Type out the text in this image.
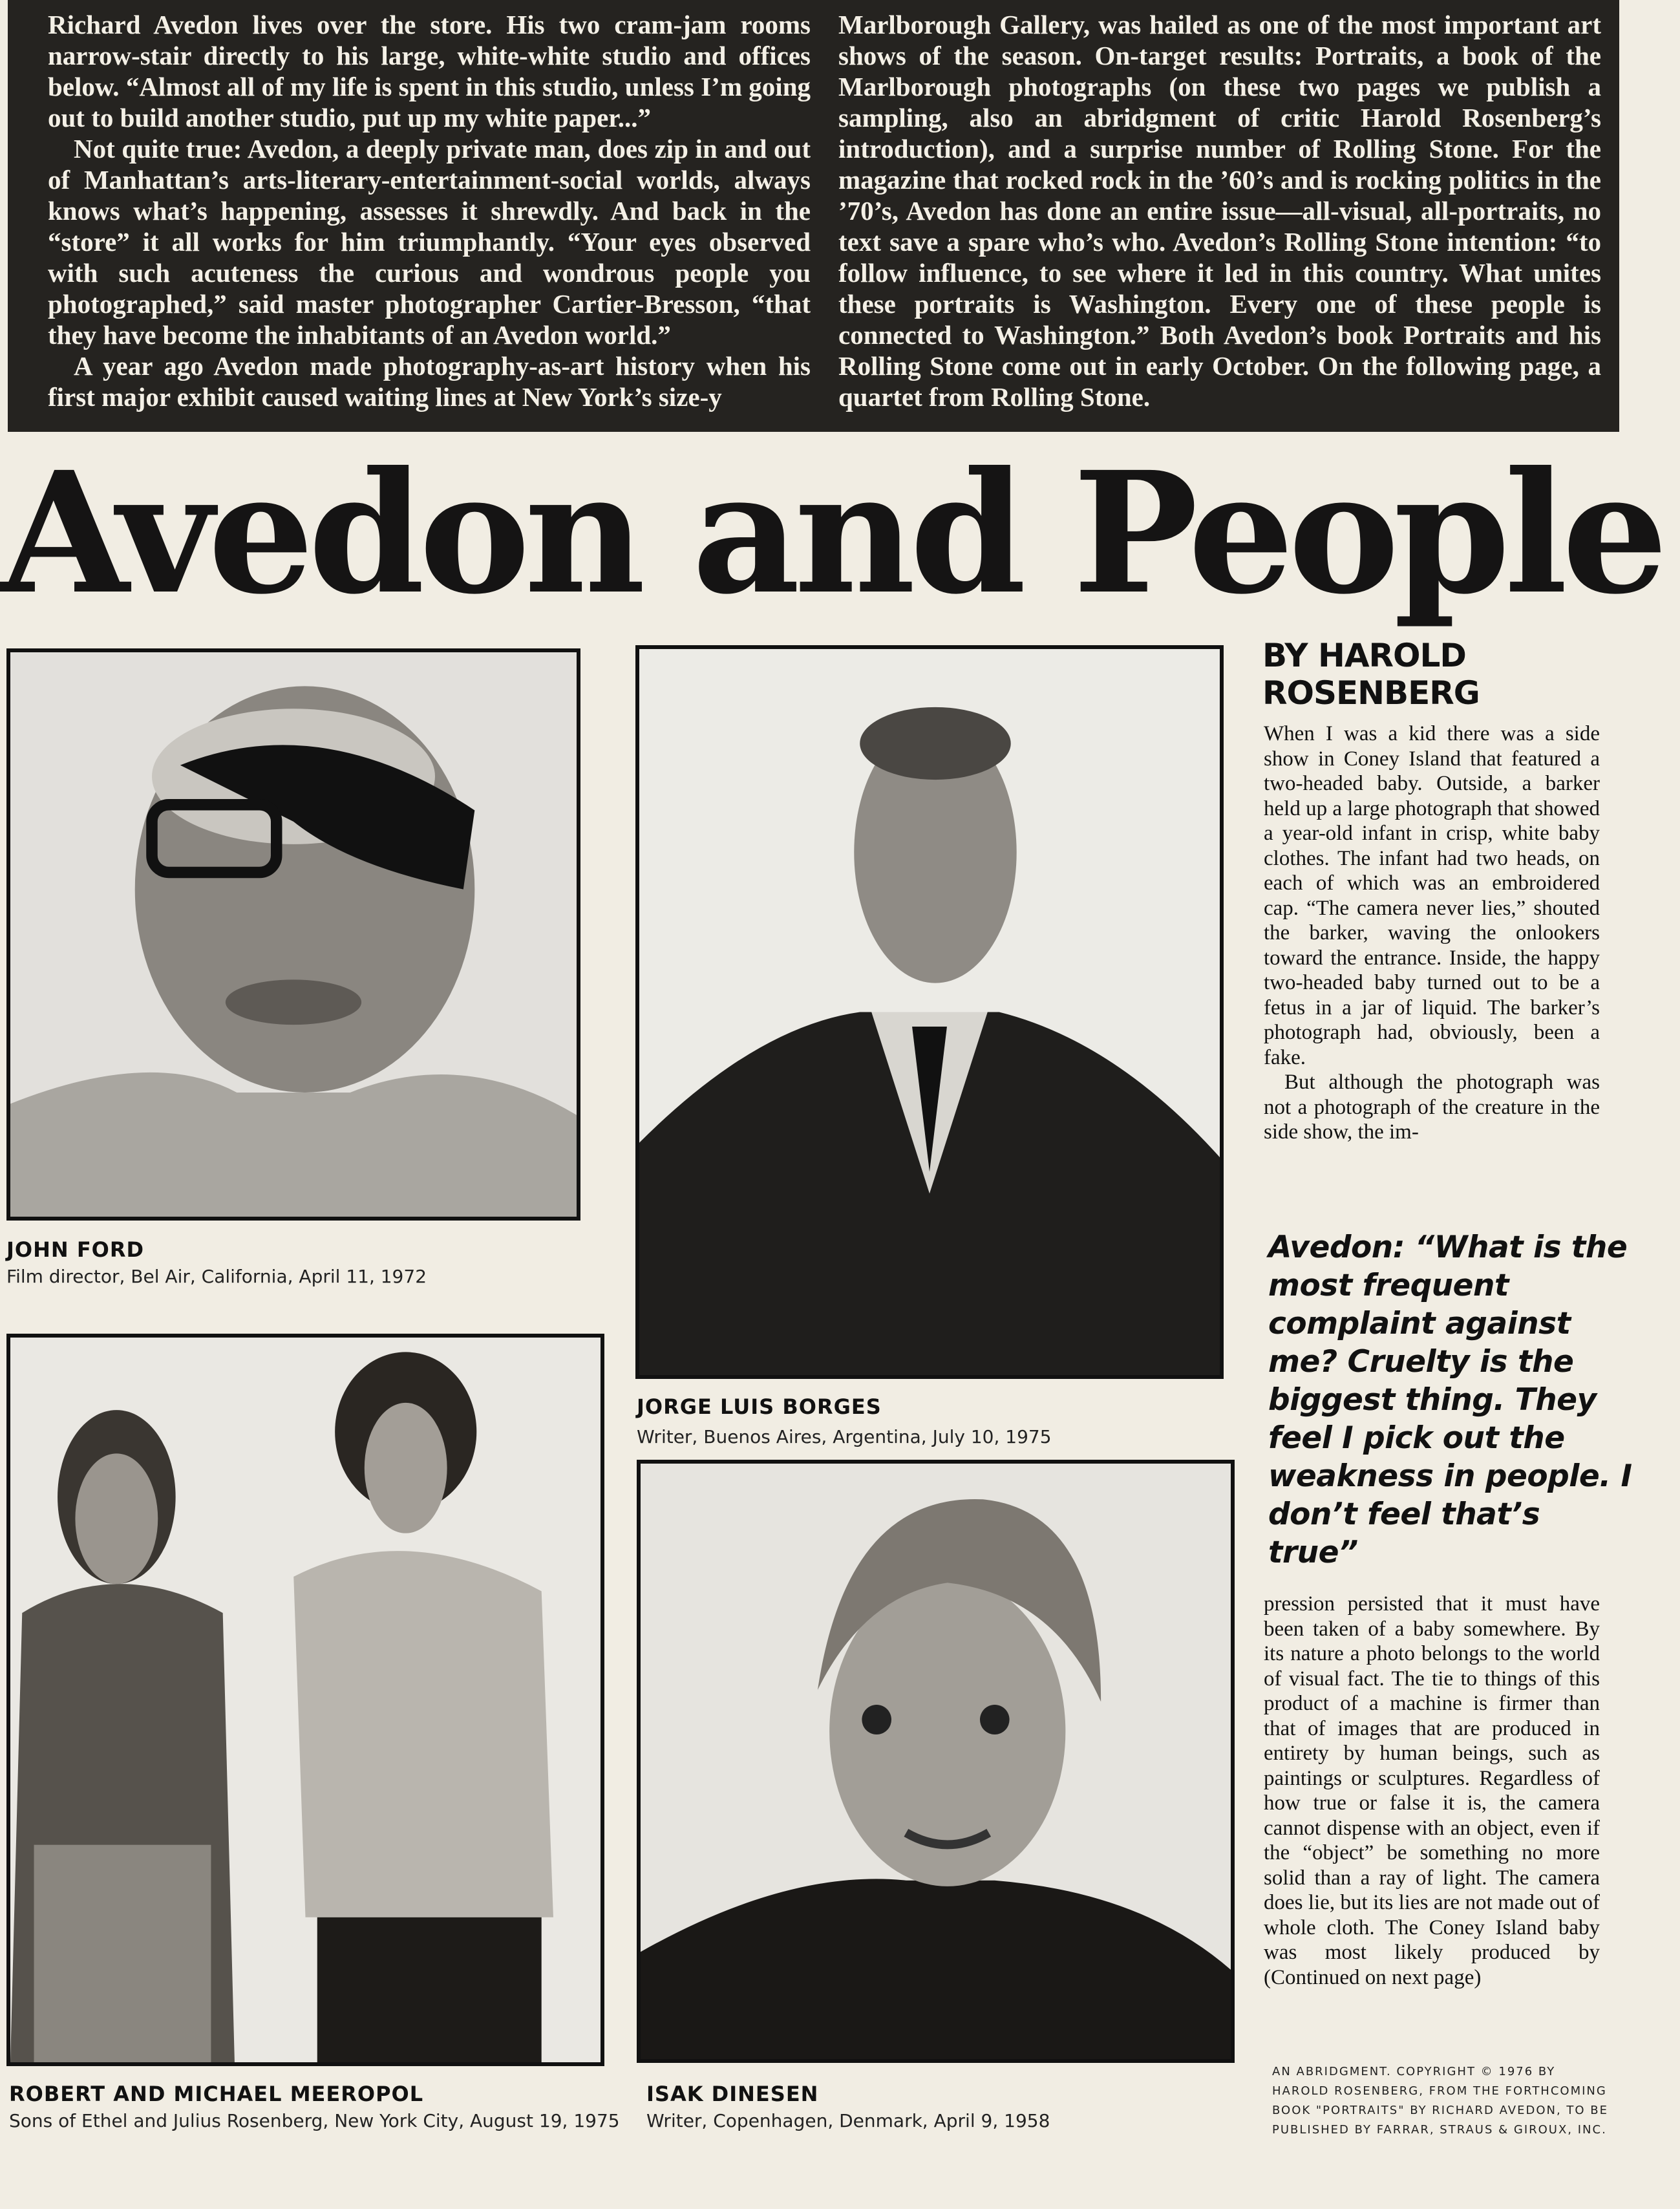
Richard Avedon lives over the store. His two cram-jam rooms narrow-stair directly to his large, white-white studio and offices below. “Almost all of my life is spent in this studio, unless I’m going out to build another studio, put up my white paper...”

Not quite true: Avedon, a deeply private man, does zip in and out of Manhattan’s arts-literary-entertainment-social worlds, always knows what’s happening, assesses it shrewdly. And back in the “store” it all works for him triumphantly. “Your eyes observed with such acuteness the curious and wondrous people you photographed,” said master photographer Cartier-Bresson, “that they have become the inhabitants of an Avedon world.”

A year ago Avedon made photography-as-art history when his first major exhibit caused waiting lines at New York’s size-y

Marlborough Gallery, was hailed as one of the most important art shows of the season. On-target results: Portraits, a book of the Marlborough photographs (on these two pages we publish a sampling, also an abridgment of critic Harold Rosenberg’s introduction), and a surprise number of Rolling Stone. For the magazine that rocked rock in the ’60’s and is rocking politics in the ’70’s, Avedon has done an entire issue—all-visual, all-portraits, no text save a spare who’s who. Avedon’s Rolling Stone intention: “to follow influence, to see where it led in this country. What unites these portraits is Washington. Every one of these people is connected to Washington.” Both Avedon’s book Portraits and his Rolling Stone come out in early October. On the following page, a quartet from Rolling Stone.

Avedon and People
JOHN FORD
Film director, Bel Air, California, April 11, 1972
JORGE LUIS BORGES
Writer, Buenos Aires, Argentina, July 10, 1975
ROBERT AND MICHAEL MEEROPOL
Sons of Ethel and Julius Rosenberg, New York City, August 19, 1975
ISAK DINESEN
Writer, Copenhagen, Denmark, April 9, 1958
BY HAROLD ROSENBERG

When I was a kid there was a side show in Coney Island that featured a two-headed baby. Outside, a barker held up a large photograph that showed a year-old infant in crisp, white baby clothes. The infant had two heads, on each of which was an embroidered cap. “The camera never lies,” shouted the barker, waving the onlookers toward the entrance. Inside, the happy two-headed baby turned out to be a fetus in a jar of liquid. The barker’s photograph had, obviously, been a fake.

But although the photograph was not a photograph of the creature in the side show, the im-

Avedon: “What is the most frequent complaint against me? Cruelty is the biggest thing. They feel I pick out the weakness in people. I don’t feel that’s true”

pression persisted that it must have been taken of a baby somewhere. By its nature a photo belongs to the world of visual fact. The tie to things of this product of a machine is firmer than that of images that are produced in entirety by human beings, such as paintings or sculptures. Regardless of how true or false it is, the camera cannot dispense with an object, even if the “object” be something no more solid than a ray of light. The camera does lie, but its lies are not made out of whole cloth. The Coney Island baby was most likely produced by (Continued on next page)

AN ABRIDGMENT. COPYRIGHT © 1976 BY HAROLD ROSENBERG, FROM THE FORTHCOMING BOOK "PORTRAITS" BY RICHARD AVEDON, TO BE PUBLISHED BY FARRAR, STRAUS & GIROUX, INC.
